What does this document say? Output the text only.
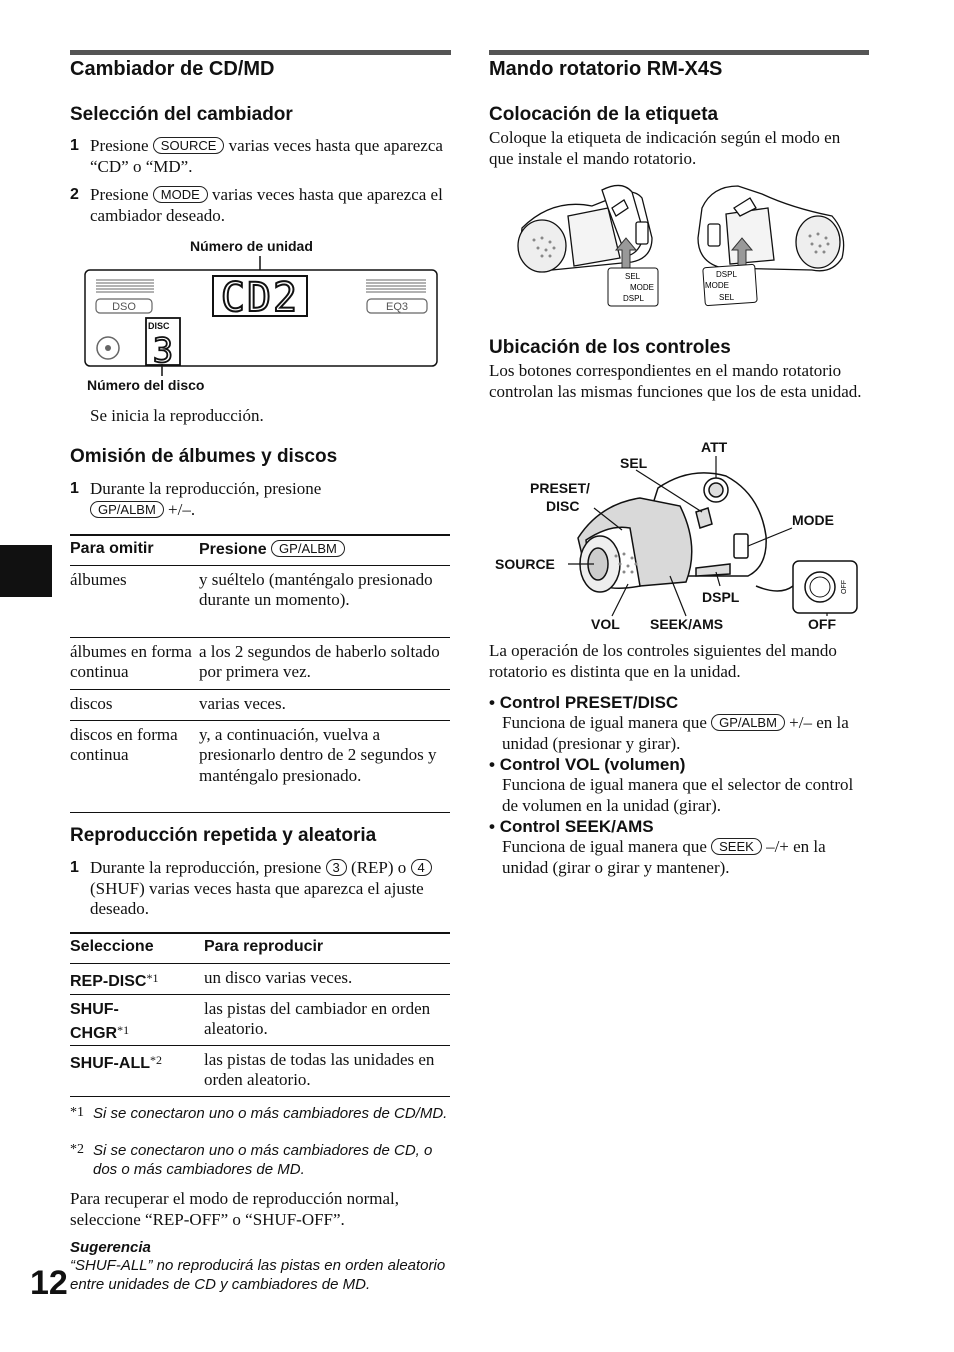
Cambiador de CD/MD
Selección del cambiador
1 Presione SOURCE varias veces hasta que aparezca “CD” o “MD”.
2 Presione MODE varias veces hasta que aparezca el cambiador deseado.
Número de unidad
DSO	EQ3
CD2
DISC
3
Número del disco
Se inicia la reproducción.
Omisión de álbumes y discos
1 Durante la reproducción, presione GP/ALBM +/–.
Para omitir	Presione GP/ALBM
álbumes	y suéltelo (manténgalo presionado durante un momento).
álbumes en forma continua	a los 2 segundos de haberlo soltado por primera vez.
discos	varias veces.
discos en forma continua	y, a continuación, vuelva a presionarlo dentro de 2 segundos y manténgalo presionado.
Reproducción repetida y aleatoria
1 Durante la reproducción, presione 3 (REP) o 4 (SHUF) varias veces hasta que aparezca el ajuste deseado.
Seleccione	Para reproducir
REP-DISC$^{*1}$	un disco varias veces.

SHUF-CHGR$^{*1}$	las pistas del cambiador en orden aleatorio.
SHUF-ALL$^{*2}$	las pistas de todas las unidades en orden aleatorio.
*1 Si se conectaron uno o más cambiadores de CD/MD.
*2 Si se conectaron uno o más cambiadores de CD, o dos o más cambiadores de MD.
Para recuperar el modo de reproducción normal, seleccione “REP-OFF” o “SHUF-OFF”.
Sugerencia
“SHUF-ALL” no reproducirá las pistas en orden aleatorio entre unidades de CD y cambiadores de MD.
12
Mando rotatorio RM-X4S
Colocación de la etiqueta
Coloque la etiqueta de indicación según el modo en que instale el mando rotatorio.
SEL
MODE
DSPL
DSPL
MODE
SEL
Ubicación de los controles
Los botones correspondientes en el mando rotatorio controlan las mismas funciones que los de esta unidad.
OFF
ATT
SEL
PRESET/
DISC
MODE
SOURCE
DSPL
VOL SEEK/AMS	OFF
La operación de los controles siguientes del mando rotatorio es distinta que en la unidad.
• Control PRESET/DISC
Funciona de igual manera que GP/ALBM +/– en la unidad (presionar y girar).
• Control VOL (volumen)
Funciona de igual manera que el selector de control de volumen en la unidad (girar).
• Control SEEK/AMS
Funciona de igual manera que SEEK –/+ en la unidad (girar o girar y mantener).
